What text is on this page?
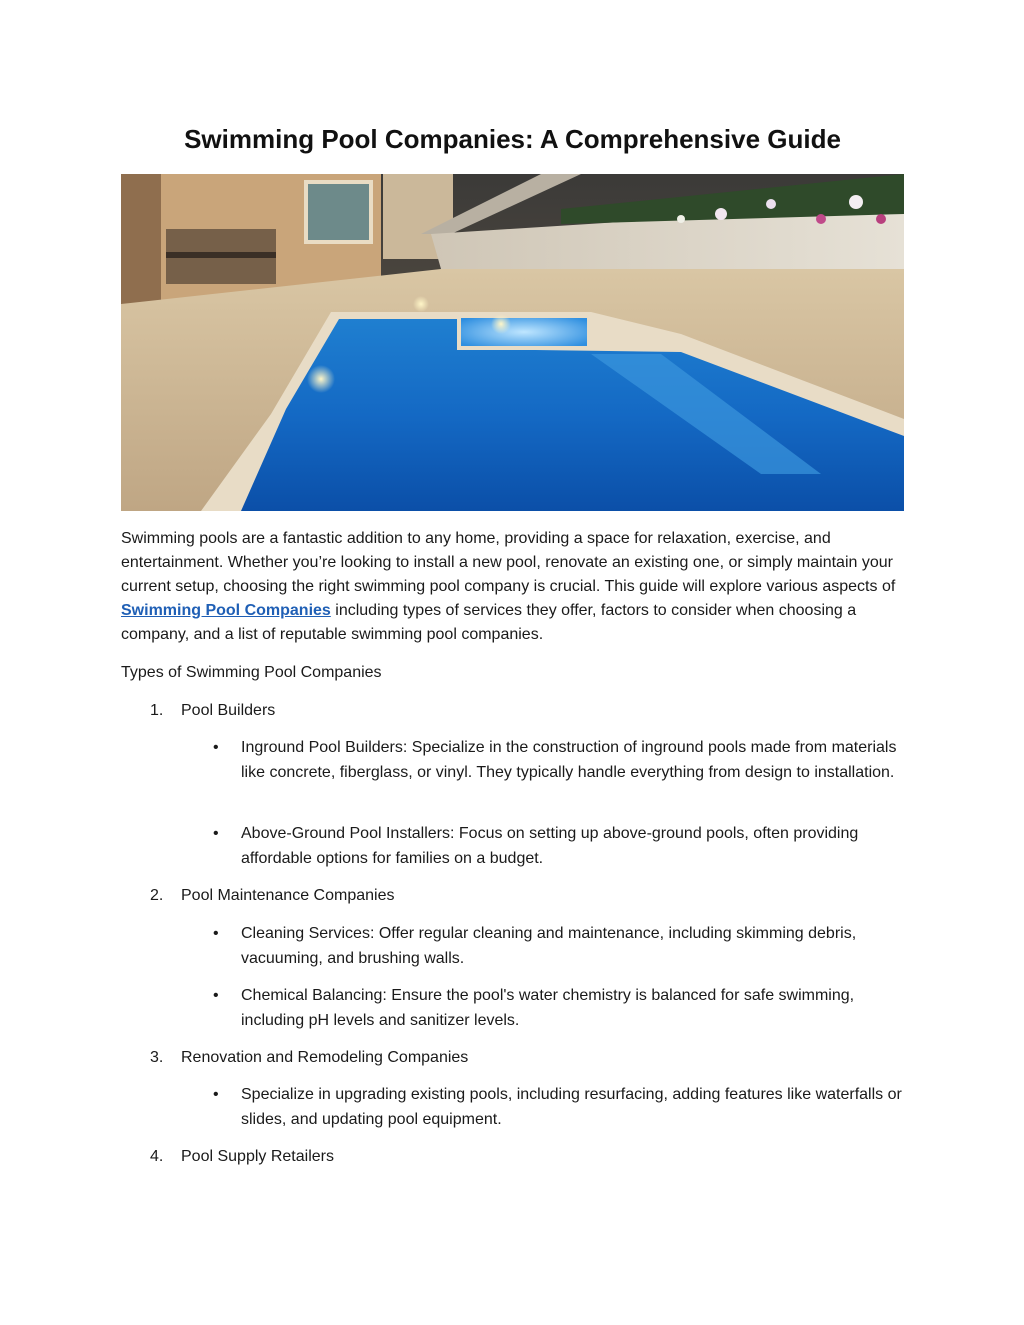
Swimming Pool Companies: A Comprehensive Guide

Swimming pools are a fantastic addition to any home, providing a space for relaxation, exercise, and entertainment. Whether you’re looking to install a new pool, renovate an existing one, or simply maintain your current setup, choosing the right swimming pool company is crucial. This guide will explore various aspects of Swimming Pool Companies including types of services they offer, factors to consider when choosing a company, and a list of reputable swimming pool companies.

Types of Swimming Pool Companies

1. Pool Builders
•	Inground Pool Builders: Specialize in the construction of inground pools made from materials like concrete, fiberglass, or vinyl. They typically handle everything from design to installation.
•	Above-Ground Pool Installers: Focus on setting up above-ground pools, often providing affordable options for families on a budget.
2. Pool Maintenance Companies
•	Cleaning Services: Offer regular cleaning and maintenance, including skimming debris, vacuuming, and brushing walls.
•	Chemical Balancing: Ensure the pool's water chemistry is balanced for safe swimming, including pH levels and sanitizer levels.
3. Renovation and Remodeling Companies
•	Specialize in upgrading existing pools, including resurfacing, adding features like waterfalls or slides, and updating pool equipment.
4. Pool Supply Retailers
